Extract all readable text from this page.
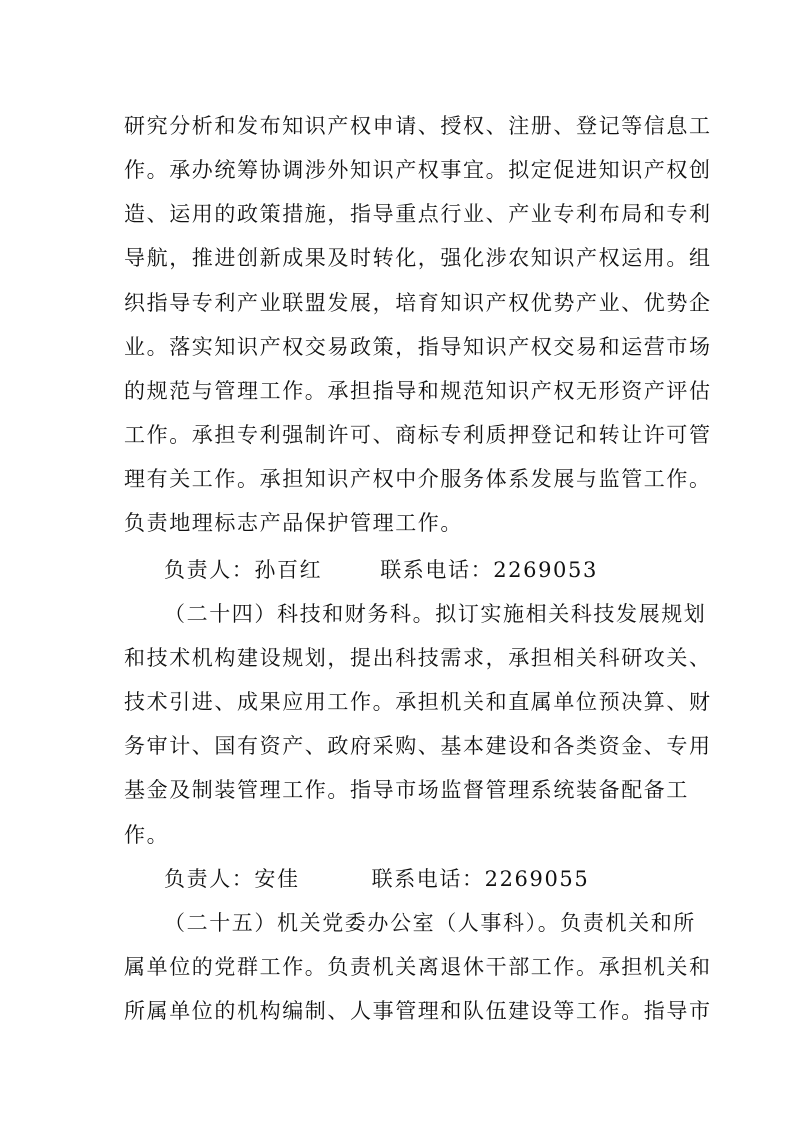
研究分析和发布知识产权申请、授权、注册、登记等信息工
作。承办统筹协调涉外知识产权事宜。拟定促进知识产权创
造、运用的政策措施，指导重点行业、产业专利布局和专利
导航，推进创新成果及时转化，强化涉农知识产权运用。组
织指导专利产业联盟发展，培育知识产权优势产业、优势企
业。落实知识产权交易政策，指导知识产权交易和运营市场
的规范与管理工作。承担指导和规范知识产权无形资产评估
工作。承担专利强制许可、商标专利质押登记和转让许可管
理有关工作。承担知识产权中介服务体系发展与监管工作。
负责地理标志产品保护管理工作。
负责人：孙百红	联系电话：2269053
（二十四）科技和财务科。拟订实施相关科技发展规划
和技术机构建设规划，提出科技需求，承担相关科研攻关、
技术引进、成果应用工作。承担机关和直属单位预决算、财
务审计、国有资产、政府采购、基本建设和各类资金、专用
基金及制装管理工作。指导市场监督管理系统装备配备工
作。
负责人：安佳	联系电话：2269055
（二十五）机关党委办公室（人事科）。负责机关和所
属单位的党群工作。负责机关离退休干部工作。承担机关和
所属单位的机构编制、人事管理和队伍建设等工作。指导市
